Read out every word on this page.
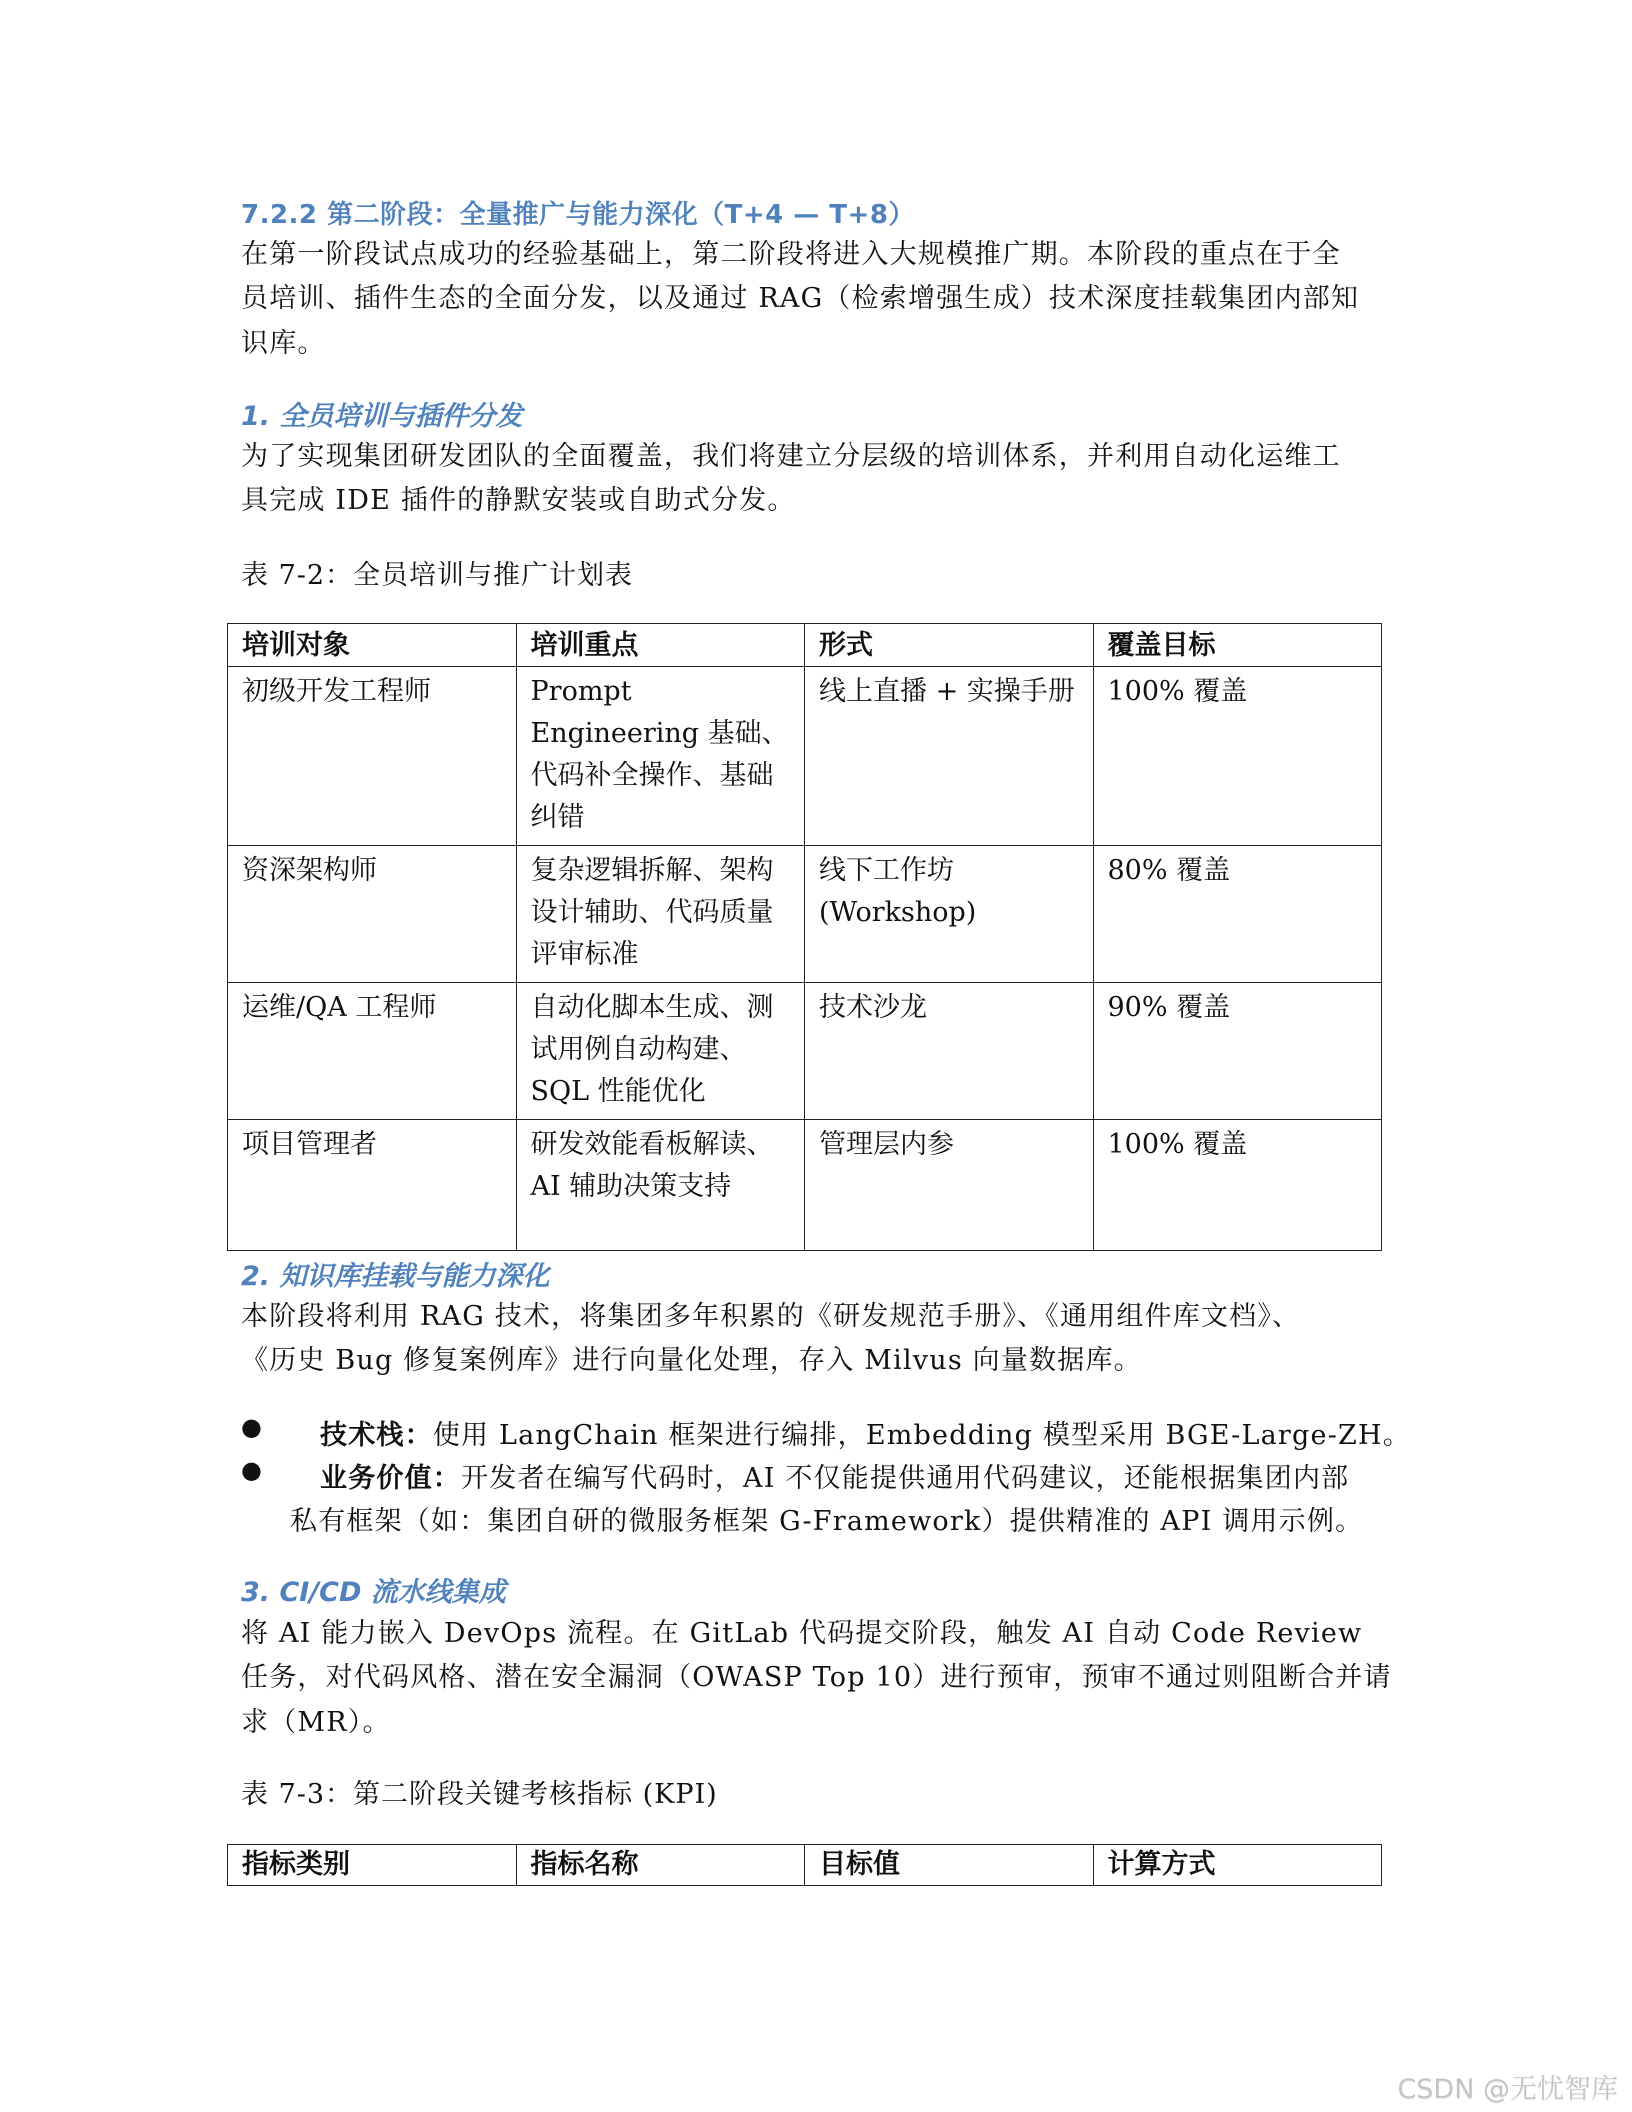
7.2.2 第二阶段：全量推广与能力深化（T+4 — T+8）
在第一阶段试点成功的经验基础上，第二阶段将进入大规模推广期。本阶段的重点在于全
员培训、插件生态的全面分发，以及通过 RAG（检索增强生成）技术深度挂载集团内部知
识库。
1. 全员培训与插件分发
为了实现集团研发团队的全面覆盖，我们将建立分层级的培训体系，并利用自动化运维工
具完成 IDE 插件的静默安装或自助式分发。
表 7-2：全员培训与推广计划表
培训对象	培训重点	形式	覆盖目标
初级开发工程师	Prompt Engineering 基础、代码补全操作、基础纠错	线上直播 + 实操手册	100% 覆盖
资深架构师	复杂逻辑拆解、架构设计辅助、代码质量评审标准	线下工作坊 (Workshop)	80% 覆盖
运维/QA 工程师	自动化脚本生成、测试用例自动构建、SQL 性能优化	技术沙龙	90% 覆盖
项目管理者	研发效能看板解读、AI 辅助决策支持	管理层内参	100% 覆盖
2. 知识库挂载与能力深化
本阶段将利用 RAG 技术，将集团多年积累的《研发规范手册》、《通用组件库文档》、
《历史 Bug 修复案例库》进行向量化处理，存入 Milvus 向量数据库。
● 技术栈：使用 LangChain 框架进行编排，Embedding 模型采用 BGE-Large-ZH。
● 业务价值：开发者在编写代码时，AI 不仅能提供通用代码建议，还能根据集团内部
私有框架（如：集团自研的微服务框架 G-Framework）提供精准的 API 调用示例。
3. CI/CD 流水线集成
将 AI 能力嵌入 DevOps 流程。在 GitLab 代码提交阶段，触发 AI 自动 Code Review
任务，对代码风格、潜在安全漏洞（OWASP Top 10）进行预审，预审不通过则阻断合并请
求（MR）。
表 7-3：第二阶段关键考核指标 (KPI)
指标类别	指标名称	目标值	计算方式
CSDN @无忧智库
